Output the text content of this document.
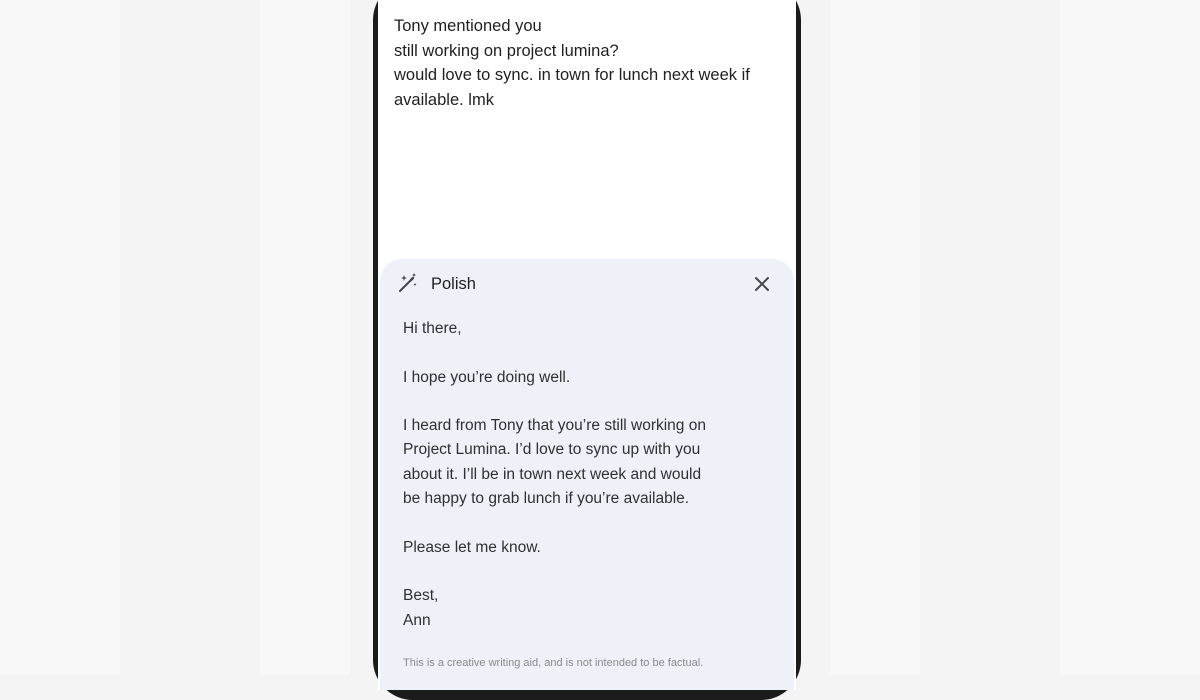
Tony mentioned you
still working on project lumina?
would love to sync. in town for lunch next week if
available. lmk
Polish
Hi there,
I hope you’re doing well.
I heard from Tony that you’re still working on
Project Lumina. I’d love to sync up with you
about it. I’ll be in town next week and would
be happy to grab lunch if you’re available.
Please let me know.
Best,
Ann
This is a creative writing aid, and is not intended to be factual.
